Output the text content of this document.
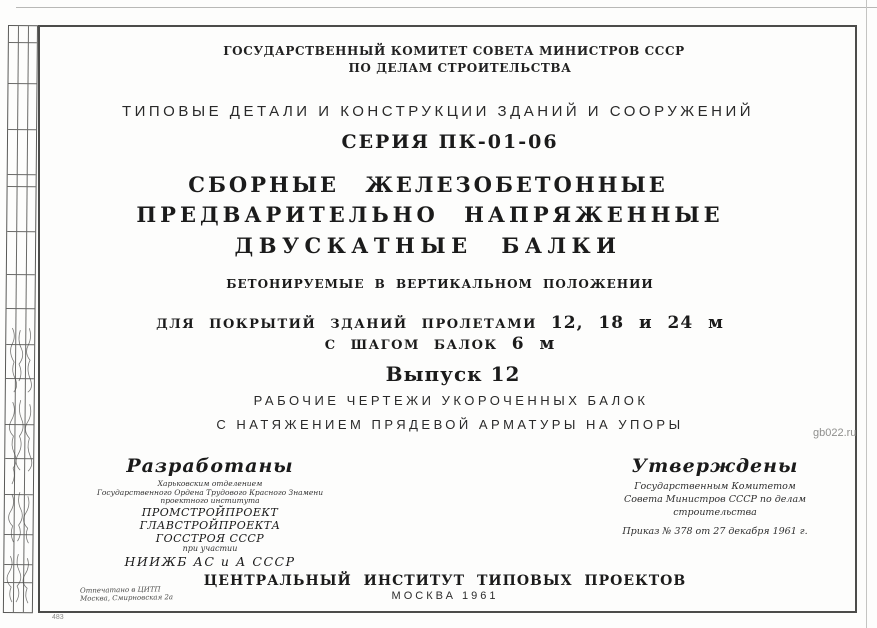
ГОСУДАРСТВЕННЫЙ КОМИТЕТ СОВЕТА МИНИСТРОВ СССР
ПО ДЕЛАМ СТРОИТЕЛЬСТВА
ТИПОВЫЕ ДЕТАЛИ И КОНСТРУКЦИИ ЗДАНИЙ И СООРУЖЕНИЙ
СЕРИЯ ПК-01-06
СБОРНЫЕ ЖЕЛЕЗОБЕТОННЫЕ
ПРЕДВАРИТЕЛЬНО НАПРЯЖЕННЫЕ
ДВУСКАТНЫЕ БАЛКИ
БЕТОНИРУЕМЫЕ В ВЕРТИКАЛЬНОМ ПОЛОЖЕНИИ
ДЛЯ ПОКРЫТИЙ ЗДАНИЙ ПРОЛЕТАМИ 12, 18 и 24 м
С ШАГОМ БАЛОК 6 м
Выпуск 12
РАБОЧИЕ ЧЕРТЕЖИ УКОРОЧЕННЫХ БАЛОК
С НАТЯЖЕНИЕМ ПРЯДЕВОЙ АРМАТУРЫ НА УПОРЫ
Разработаны
Харьковским отделением
Государственного Ордена Трудового Красного Знамени
проектного института
ПРОМСТРОЙПРОЕКТ ГЛАВСТРОЙПРОЕКТА
ГОССТРОЯ СССР
при участии
НИИЖБ АС и А СССР
Утверждены
Государственным Комитетом
Совета Министров СССР по делам строительства
Приказ № 378 от 27 декабря 1961 г.
ЦЕНТРАЛЬНЫЙ ИНСТИТУТ ТИПОВЫХ ПРОЕКТОВ
МОСКВА 1961
Отпечатано в ЦИТП
Москва, Смирновская 2а
483
gb022.ru
